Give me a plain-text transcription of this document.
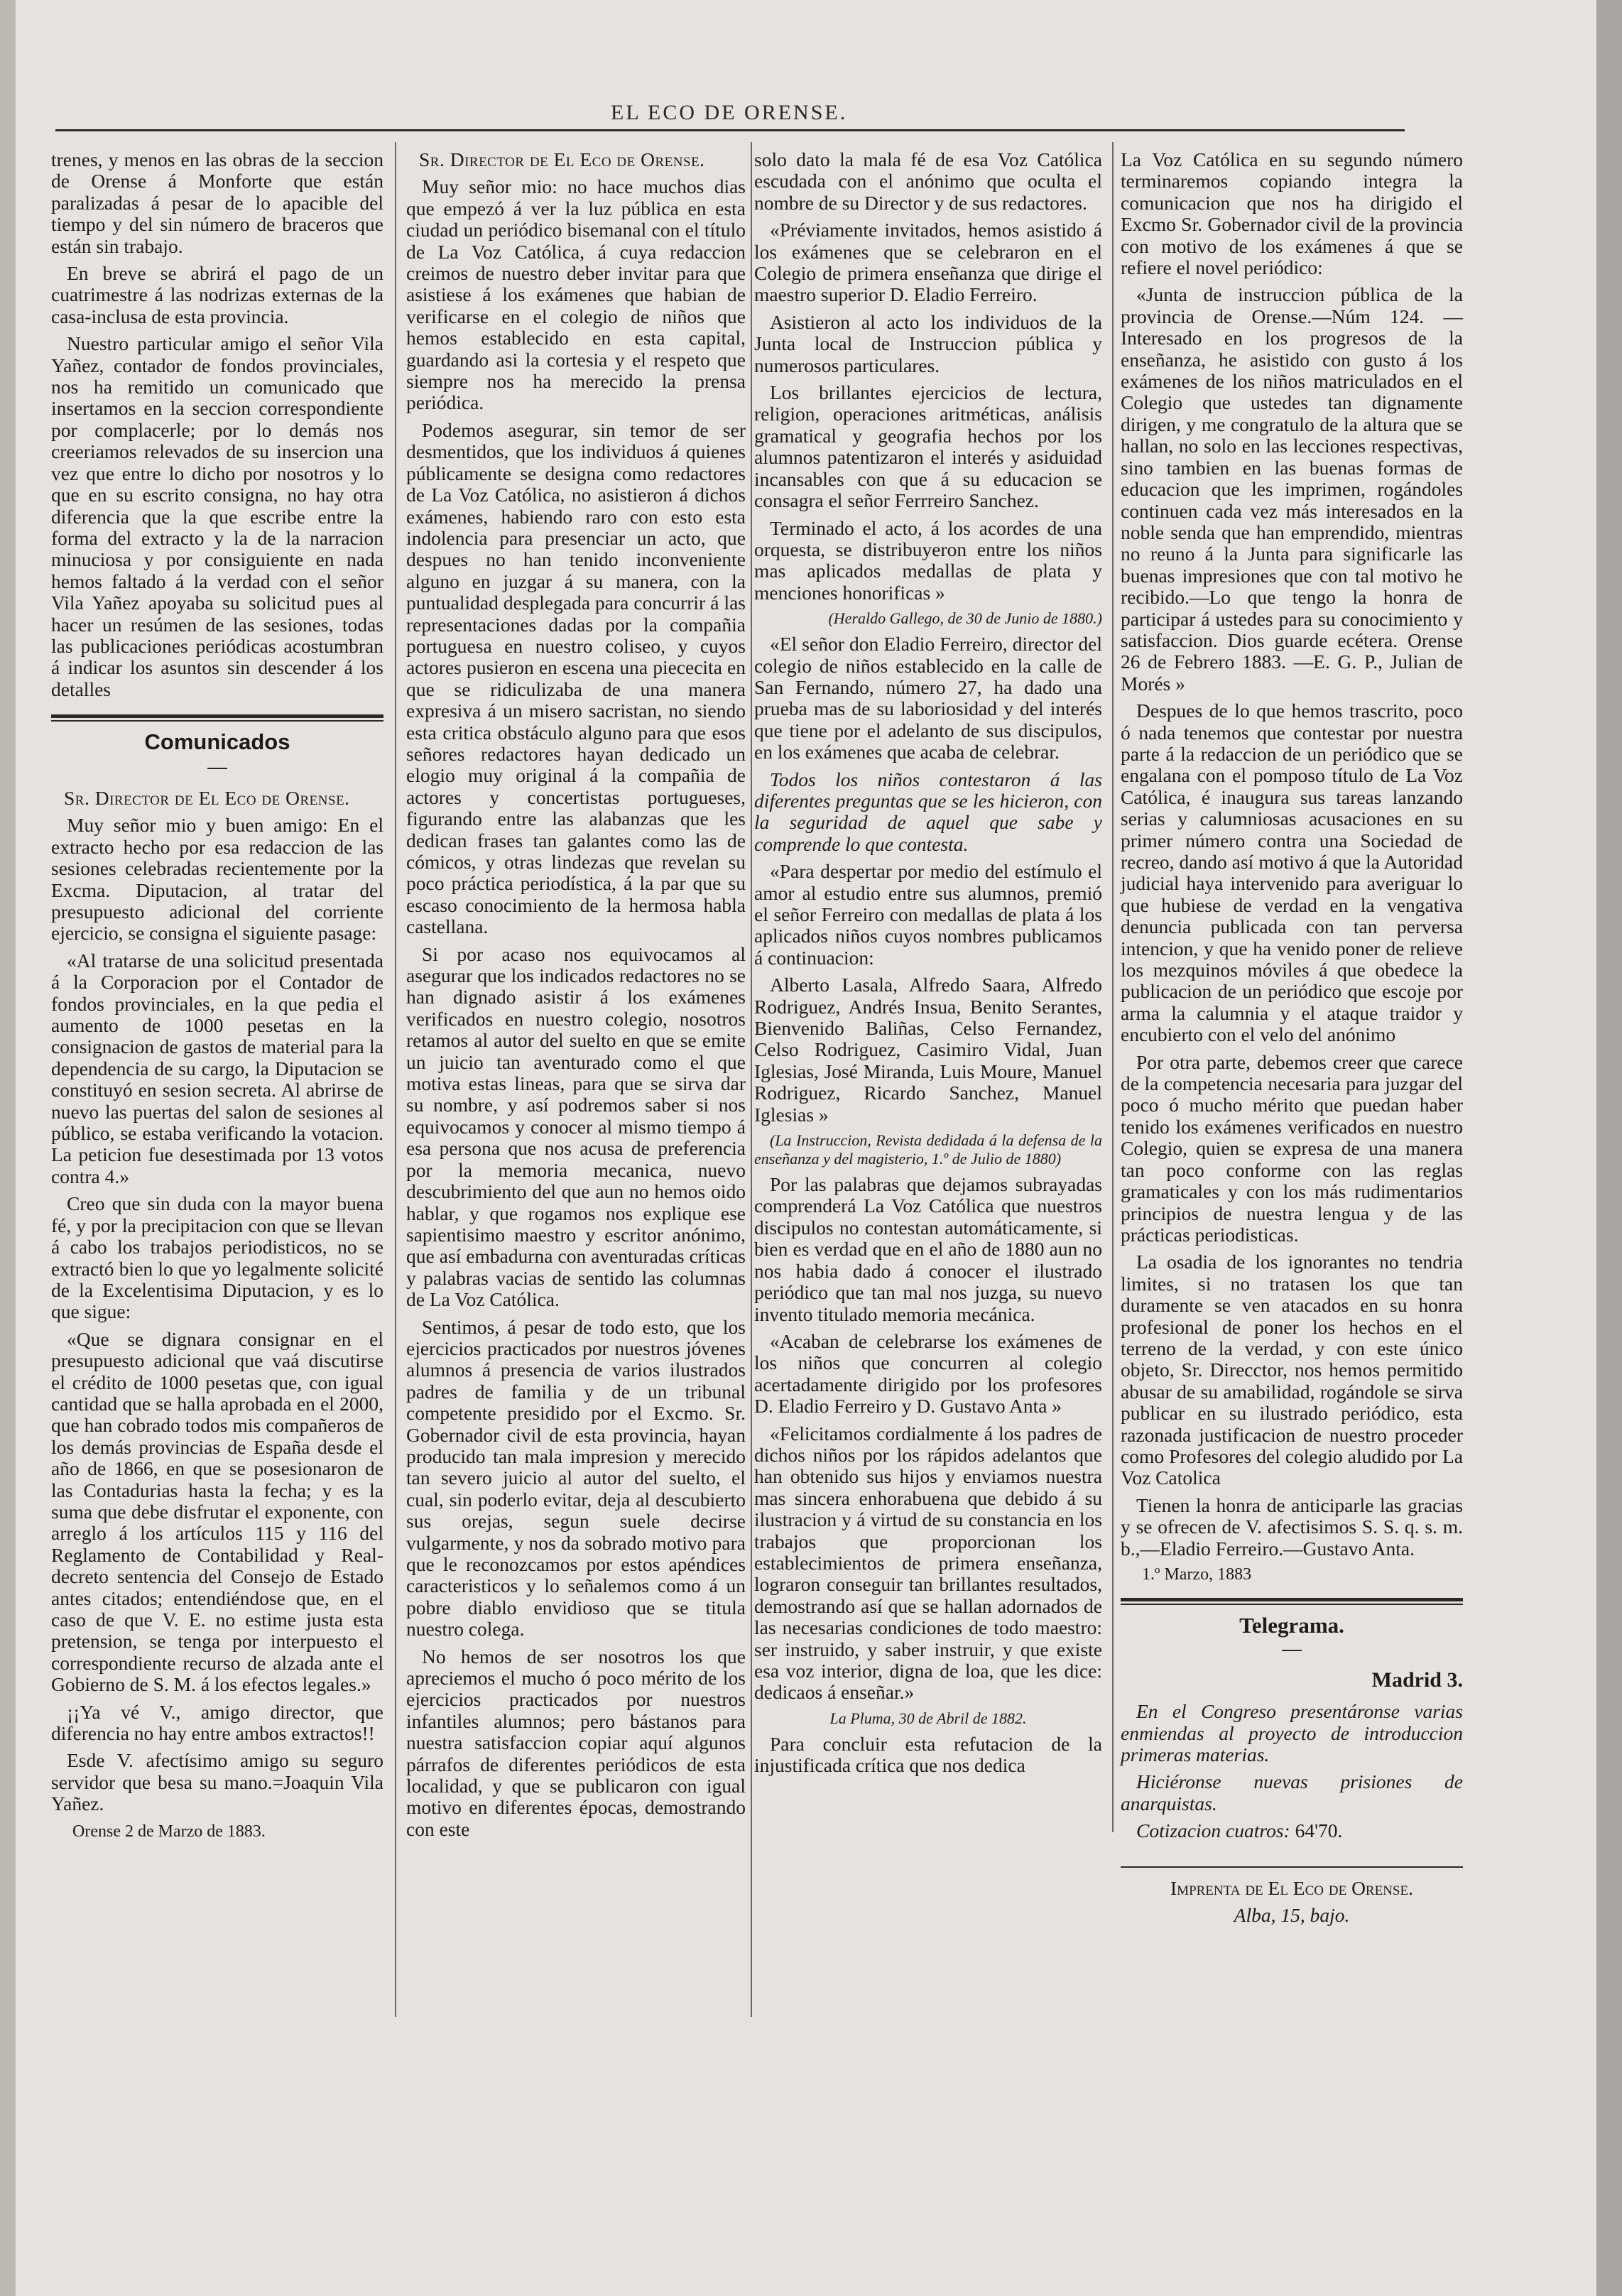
EL ECO DE ORENSE.

trenes, y menos en las obras de la seccion de Orense á Monforte que están paralizadas á pesar de lo apacible del tiempo y del sin número de braceros que están sin trabajo.

En breve se abrirá el pago de un cuatrimestre á las nodrizas externas de la casa-inclusa de esta provincia.

Nuestro particular amigo el señor Vila Yañez, contador de fondos provinciales, nos ha remitido un comunicado que insertamos en la seccion correspondiente por complacerle; por lo demás nos creeriamos relevados de su insercion una vez que entre lo dicho por nosotros y lo que en su escrito consigna, no hay otra diferencia que la que escribe entre la forma del extracto y la de la narracion minuciosa y por consiguiente en nada hemos faltado á la verdad con el señor Vila Yañez apoyaba su solicitud pues al hacer un resúmen de las sesiones, todas las publicaciones periódicas acostumbran á indicar los asuntos sin descender á los detalles

Comunicados

Sr. Director de El Eco de Orense.

Muy señor mio y buen amigo: En el extracto hecho por esa redaccion de las sesiones celebradas recientemente por la Excma. Diputacion, al tratar del presupuesto adicional del corriente ejercicio, se consigna el siguiente pasage:

«Al tratarse de una solicitud presentada á la Corporacion por el Contador de fondos provinciales, en la que pedia el aumento de 1000 pesetas en la consignacion de gastos de material para la dependencia de su cargo, la Diputacion se constituyó en sesion secreta. Al abrirse de nuevo las puertas del salon de sesiones al público, se estaba verificando la votacion. La peticion fue desestimada por 13 votos contra 4.»

Creo que sin duda con la mayor buena fé, y por la precipitacion con que se llevan á cabo los trabajos periodisticos, no se extractó bien lo que yo legalmente solicité de la Excelentisima Diputacion, y es lo que sigue:

«Que se dignara consignar en el presupuesto adicional que vaá discutirse el crédito de 1000 pesetas que, con igual cantidad que se halla aprobada en el 2000, que han cobrado todos mis compañeros de los demás provincias de España desde el año de 1866, en que se posesionaron de las Contadurias hasta la fecha; y es la suma que debe disfrutar el exponente, con arreglo á los artículos 115 y 116 del Reglamento de Contabilidad y Real-decreto sentencia del Consejo de Estado antes citados; entendiéndose que, en el caso de que V. E. no estime justa esta pretension, se tenga por interpuesto el correspondiente recurso de alzada ante el Gobierno de S. M. á los efectos legales.»

¡¡Ya vé V., amigo director, que diferencia no hay entre ambos extractos!!

Esde V. afectísimo amigo su seguro servidor que besa su mano.=Joaquin Vila Yañez.

Orense 2 de Marzo de 1883.

Sr. Director de El Eco de Orense.

Muy señor mio: no hace muchos dias que empezó á ver la luz pública en esta ciudad un periódico bisemanal con el título de La Voz Católica, á cuya redaccion creimos de nuestro deber invitar para que asistiese á los exámenes que habian de verificarse en el colegio de niños que hemos establecido en esta capital, guardando asi la cortesia y el respeto que siempre nos ha merecido la prensa periódica.

Podemos asegurar, sin temor de ser desmentidos, que los individuos á quienes públicamente se designa como redactores de La Voz Católica, no asistieron á dichos exámenes, habiendo raro con esto esta indolencia para presenciar un acto, que despues no han tenido inconveniente alguno en juzgar á su manera, con la puntualidad desplegada para concurrir á las representaciones dadas por la compañia portuguesa en nuestro coliseo, y cuyos actores pusieron en escena una piececita en que se ridiculizaba de una manera expresiva á un misero sacristan, no siendo esta critica obstáculo alguno para que esos señores redactores hayan dedicado un elogio muy original á la compañia de actores y concertistas portugueses, figurando entre las alabanzas que les dedican frases tan galantes como las de cómicos, y otras lindezas que revelan su poco práctica periodística, á la par que su escaso conocimiento de la hermosa habla castellana.

Si por acaso nos equivocamos al asegurar que los indicados redactores no se han dignado asistir á los exámenes verificados en nuestro colegio, nosotros retamos al autor del suelto en que se emite un juicio tan aventurado como el que motiva estas lineas, para que se sirva dar su nombre, y así podremos saber si nos equivocamos y conocer al mismo tiempo á esa persona que nos acusa de preferencia por la memoria mecanica, nuevo descubrimiento del que aun no hemos oido hablar, y que rogamos nos explique ese sapientisimo maestro y escritor anónimo, que así embadurna con aventuradas críticas y palabras vacias de sentido las columnas de La Voz Católica.

Sentimos, á pesar de todo esto, que los ejercicios practicados por nuestros jóvenes alumnos á presencia de varios ilustrados padres de familia y de un tribunal competente presidido por el Excmo. Sr. Gobernador civil de esta provincia, hayan producido tan mala impresion y merecido tan severo juicio al autor del suelto, el cual, sin poderlo evitar, deja al descubierto sus orejas, segun suele decirse vulgarmente, y nos da sobrado motivo para que le reconozcamos por estos apéndices caracteristicos y lo señalemos como á un pobre diablo envidioso que se titula nuestro colega.

No hemos de ser nosotros los que apreciemos el mucho ó poco mérito de los ejercicios practicados por nuestros infantiles alumnos; pero bástanos para nuestra satisfaccion copiar aquí algunos párrafos de diferentes periódicos de esta localidad, y que se publicaron con igual motivo en diferentes épocas, demostrando con este

solo dato la mala fé de esa Voz Católica escudada con el anónimo que oculta el nombre de su Director y de sus redactores.

«Préviamente invitados, hemos asistido á los exámenes que se celebraron en el Colegio de primera enseñanza que dirige el maestro superior D. Eladio Ferreiro.

Asistieron al acto los individuos de la Junta local de Instruccion pública y numerosos particulares.

Los brillantes ejercicios de lectura, religion, operaciones aritméticas, análisis gramatical y geografia hechos por los alumnos patentizaron el interés y asiduidad incansables con que á su educacion se consagra el señor Ferrreiro Sanchez.

Terminado el acto, á los acordes de una orquesta, se distribuyeron entre los niños mas aplicados medallas de plata y menciones honorificas »

(Heraldo Gallego, de 30 de Junio de 1880.)

«El señor don Eladio Ferreiro, director del colegio de niños establecido en la calle de San Fernando, número 27, ha dado una prueba mas de su laboriosidad y del interés que tiene por el adelanto de sus discipulos, en los exámenes que acaba de celebrar.

Todos los niños contestaron á las diferentes preguntas que se les hicieron, con la seguridad de aquel que sabe y comprende lo que contesta.

«Para despertar por medio del estímulo el amor al estudio entre sus alumnos, premió el señor Ferreiro con medallas de plata á los aplicados niños cuyos nombres publicamos á continuacion:

Alberto Lasala, Alfredo Saara, Alfredo Rodriguez, Andrés Insua, Benito Serantes, Bienvenido Baliñas, Celso Fernandez, Celso Rodriguez, Casimiro Vidal, Juan Iglesias, José Miranda, Luis Moure, Manuel Rodriguez, Ricardo Sanchez, Manuel Iglesias »

(La Instruccion, Revista dedidada á la defensa de la enseñanza y del magisterio, 1.º de Julio de 1880)

Por las palabras que dejamos subrayadas comprenderá La Voz Católica que nuestros discipulos no contestan automáticamente, si bien es verdad que en el año de 1880 aun no nos habia dado á conocer el ilustrado periódico que tan mal nos juzga, su nuevo invento titulado memoria mecánica.

«Acaban de celebrarse los exámenes de los niños que concurren al colegio acertadamente dirigido por los profesores D. Eladio Ferreiro y D. Gustavo Anta »

«Felicitamos cordialmente á los padres de dichos niños por los rápidos adelantos que han obtenido sus hijos y enviamos nuestra mas sincera enhorabuena que debido á su ilustracion y á virtud de su constancia en los trabajos que proporcionan los establecimientos de primera enseñanza, lograron conseguir tan brillantes resultados, demostrando así que se hallan adornados de las necesarias condiciones de todo maestro: ser instruido, y saber instruir, y que existe esa voz interior, digna de loa, que les dice: dedicaos á enseñar.»

La Pluma, 30 de Abril de 1882.

Para concluir esta refutacion de la injustificada crítica que nos dedica

La Voz Católica en su segundo número terminaremos copiando integra la comunicacion que nos ha dirigido el Excmo Sr. Gobernador civil de la provincia con motivo de los exámenes á que se refiere el novel periódico:

«Junta de instruccion pública de la provincia de Orense.—Núm 124. —Interesado en los progresos de la enseñanza, he asistido con gusto á los exámenes de los niños matriculados en el Colegio que ustedes tan dignamente dirigen, y me congratulo de la altura que se hallan, no solo en las lecciones respectivas, sino tambien en las buenas formas de educacion que les imprimen, rogándoles continuen cada vez más interesados en la noble senda que han emprendido, mientras no reuno á la Junta para significarle las buenas impresiones que con tal motivo he recibido.—Lo que tengo la honra de participar á ustedes para su conocimiento y satisfaccion. Dios guarde ecétera. Orense 26 de Febrero 1883. —E. G. P., Julian de Morés »

Despues de lo que hemos trascrito, poco ó nada tenemos que contestar por nuestra parte á la redaccion de un periódico que se engalana con el pomposo título de La Voz Católica, é inaugura sus tareas lanzando serias y calumniosas acusaciones en su primer número contra una Sociedad de recreo, dando así motivo á que la Autoridad judicial haya intervenido para averiguar lo que hubiese de verdad en la vengativa denuncia publicada con tan perversa intencion, y que ha venido poner de relieve los mezquinos móviles á que obedece la publicacion de un periódico que escoje por arma la calumnia y el ataque traidor y encubierto con el velo del anónimo

Por otra parte, debemos creer que carece de la competencia necesaria para juzgar del poco ó mucho mérito que puedan haber tenido los exámenes verificados en nuestro Colegio, quien se expresa de una manera tan poco conforme con las reglas gramaticales y con los más rudimentarios principios de nuestra lengua y de las prácticas periodisticas.

La osadia de los ignorantes no tendria limites, si no tratasen los que tan duramente se ven atacados en su honra profesional de poner los hechos en el terreno de la verdad, y con este único objeto, Sr. Direcctor, nos hemos permitido abusar de su amabilidad, rogándole se sirva publicar en su ilustrado periódico, esta razonada justificacion de nuestro proceder como Profesores del colegio aludido por La Voz Catolica

Tienen la honra de anticiparle las gracias y se ofrecen de V. afectisimos S. S. q. s. m. b.,—Eladio Ferreiro.—Gustavo Anta.

1.º Marzo, 1883

Telegrama.
Madrid 3.

En el Congreso presentáronse varias enmiendas al proyecto de introduccion primeras materias.

Hiciéronse nuevas prisiones de anarquistas.

Cotizacion cuatros: 64'70.

Imprenta de El Eco de Orense.

Alba, 15, bajo.
